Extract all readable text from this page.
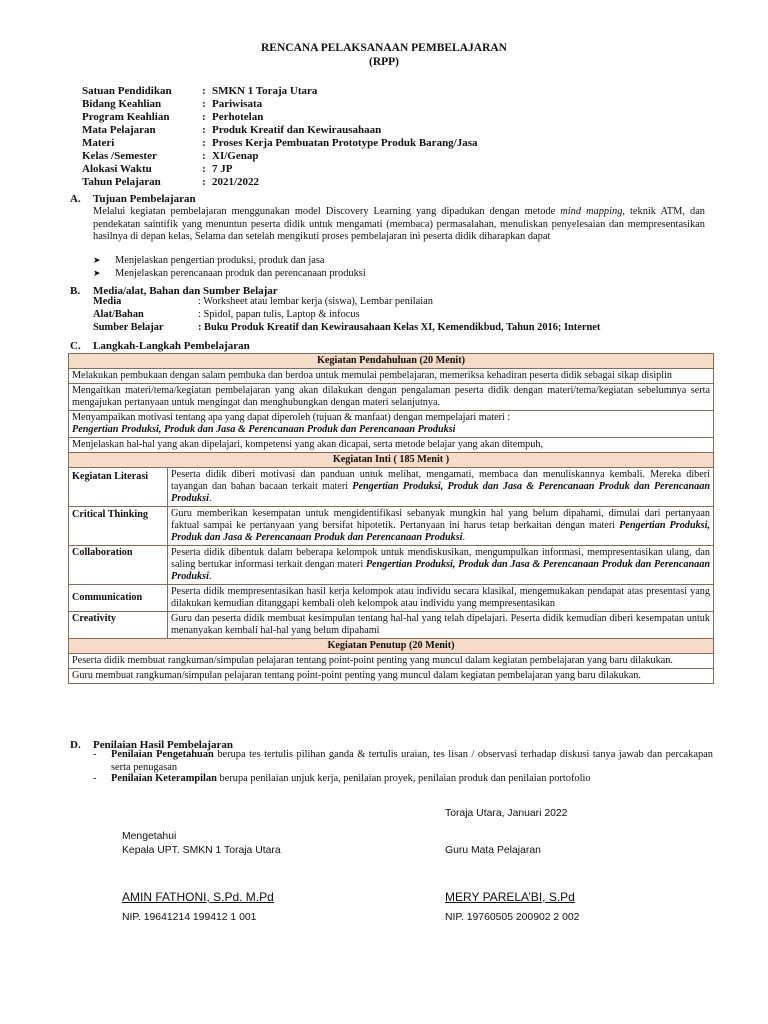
RENCANA PELAKSANAAN PEMBELAJARAN
(RPP)
Satuan Pendidikan	: SMKN 1 Toraja Utara
Bidang Keahlian	: Pariwisata
Program Keahlian	: Perhotelan
Mata Pelajaran	: Produk Kreatif dan Kewirausahaan
Materi	: Proses Kerja Pembuatan Prototype Produk Barang/Jasa
Kelas /Semester	: XI/Genap
Alokasi Waktu	: 7 JP
Tahun Pelajaran	: 2021/2022
A. Tujuan Pembelajaran
Melalui kegiatan pembelajaran menggunakan model Discovery Learning yang dipadukan dengan metode mind mapping, teknik ATM, dan pendekatan saintifik yang menuntun peserta didik untuk mengamati (membaca) permasalahan, menuliskan penyelesaian dan mempresentasikan hasilnya di depan kelas, Selama dan setelah mengikuti proses pembelajaran ini peserta didik diharapkan dapat
➤ Menjelaskan pengertian produksi, produk dan jasa
➤ Menjelaskan perencanaan produk dan perencanaan produksi
B. Media/alat, Bahan dan Sumber Belajar
Media	: Worksheet atau lembar kerja (siswa), Lembar penilaian
Alat/Bahan	: Spidol, papan tulis, Laptop & infocus
Sumber Belajar	: Buku Produk Kreatif dan Kewirausahaan Kelas XI, Kemendikbud, Tahun 2016; Internet
C. Langkah-Langkah Pembelajaran
Kegiatan Pendahuluan (20 Menit)	
Melakukan pembukaan dengan salam pembuka dan berdoa untuk memulai pembelajaran, memeriksa kehadiran peserta didik sebagai sikap disiplin	
Mengaitkan materi/tema/kegiatan pembelajaran yang akan dilakukan dengan pengalaman peserta didik dengan materi/tema/kegiatan sebelumnya serta mengajukan pertanyaan untuk mengingat dan menghubungkan dengan materi selanjutnya.	
Menyampaikan motivasi tentang apa yang dapat diperoleh (tujuan & manfaat) dengan mempelajari materi :
Pengertian Produksi, Produk dan Jasa & Perencanaan Produk dan Perencanaan Produksi	
Menjelaskan hal-hal yang akan dipelajari, kompetensi yang akan dicapai, serta metode belajar yang akan ditempuh,	
Kegiatan Inti ( 185 Menit )	
Kegiatan Literasi	Peserta didik diberi motivasi dan panduan untuk melihat, mengamati, membaca dan menuliskannya kembali. Mereka diberi tayangan dan bahan bacaan terkait materi Pengertian Produksi, Produk dan Jasa & Perencanaan Produk dan Perencanaan Produksi.
Critical Thinking	Guru memberikan kesempatan untuk mengidentifikasi sebanyak mungkin hal yang belum dipahami, dimulai dari pertanyaan faktual sampai ke pertanyaan yang bersifat hipotetik. Pertanyaan ini harus tetap berkaitan dengan materi Pengertian Produksi, Produk dan Jasa & Perencanaan Produk dan Perencanaan Produksi.
Collaboration	Peserta didik dibentuk dalam beberapa kelompok untuk mendiskusikan, mengumpulkan informasi, mempresentasikan ulang, dan saling bertukar informasi terkait dengan materi Pengertian Produksi, Produk dan Jasa & Perencanaan Produk dan Perencanaan Produksi.
Communication	Peserta didik mempresentasikan hasil kerja kelompok atau individu secara klasikal, mengemukakan pendapat atas presentasi yang dilakukan kemudian ditanggapi kembali oleh kelompok atau individu yang mempresentasikan
Creativity	Guru dan peserta didik membuat kesimpulan tentang hal-hal yang telah dipelajari. Peserta didik kemudian diberi kesempatan untuk menanyakan kembali hal-hal yang belum dipahami
Kegiatan Penutup (20 Menit)	
Peserta didik membuat rangkuman/simpulan pelajaran tentang point-point penting yang muncul dalam kegiatan pembelajaran yang baru dilakukan.	
Guru membuat rangkuman/simpulan pelajaran tentang point-point penting yang muncul dalam kegiatan pembelajaran yang baru dilakukan.	
D. Penilaian Hasil Pembelajaran
- Penilaian Pengetahuan berupa tes tertulis pilihan ganda & tertulis uraian, tes lisan / observasi terhadap diskusi tanya jawab dan percakapan serta penugasan
- Penilaian Keterampilan berupa penilaian unjuk kerja, penilaian proyek, penilaian produk dan penilaian portofolio
Toraja Utara, Januari 2022
Mengetahui
Kepala UPT. SMKN 1 Toraja Utara	Guru Mata Pelajaran
AMIN FATHONI, S.Pd. M.Pd	MERY PARELA’BI, S.Pd
NIP. 19641214 199412 1 001	NIP. 19760505 200902 2 002
